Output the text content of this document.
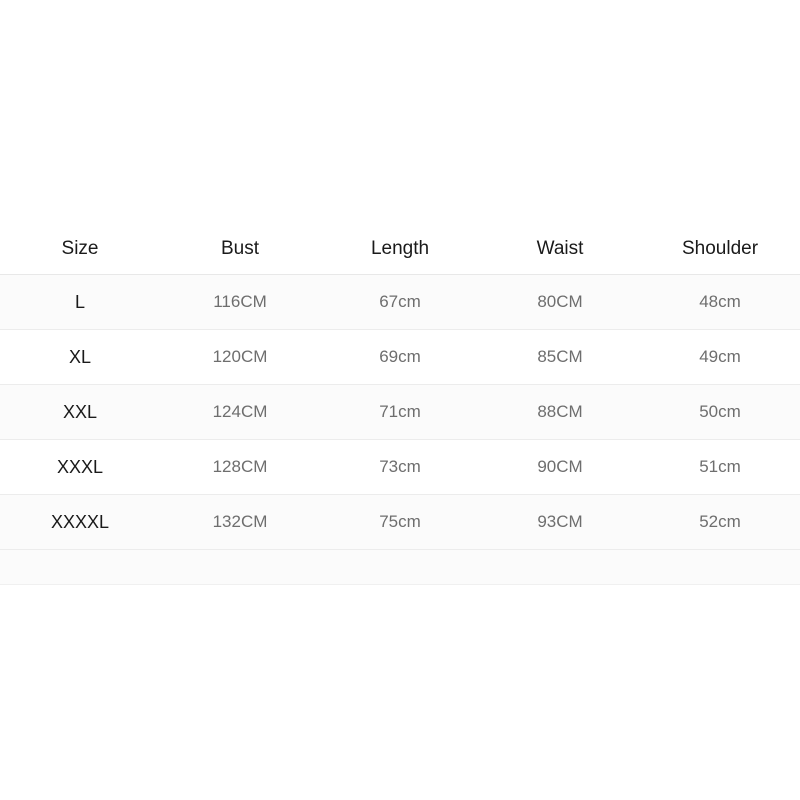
Size	Bust	Length	Waist	Shoulder
L	116CM	67cm	80CM	48cm
XL	120CM	69cm	85CM	49cm
XXL	124CM	71cm	88CM	50cm
XXXL	128CM	73cm	90CM	51cm
XXXXL	132CM	75cm	93CM	52cm
